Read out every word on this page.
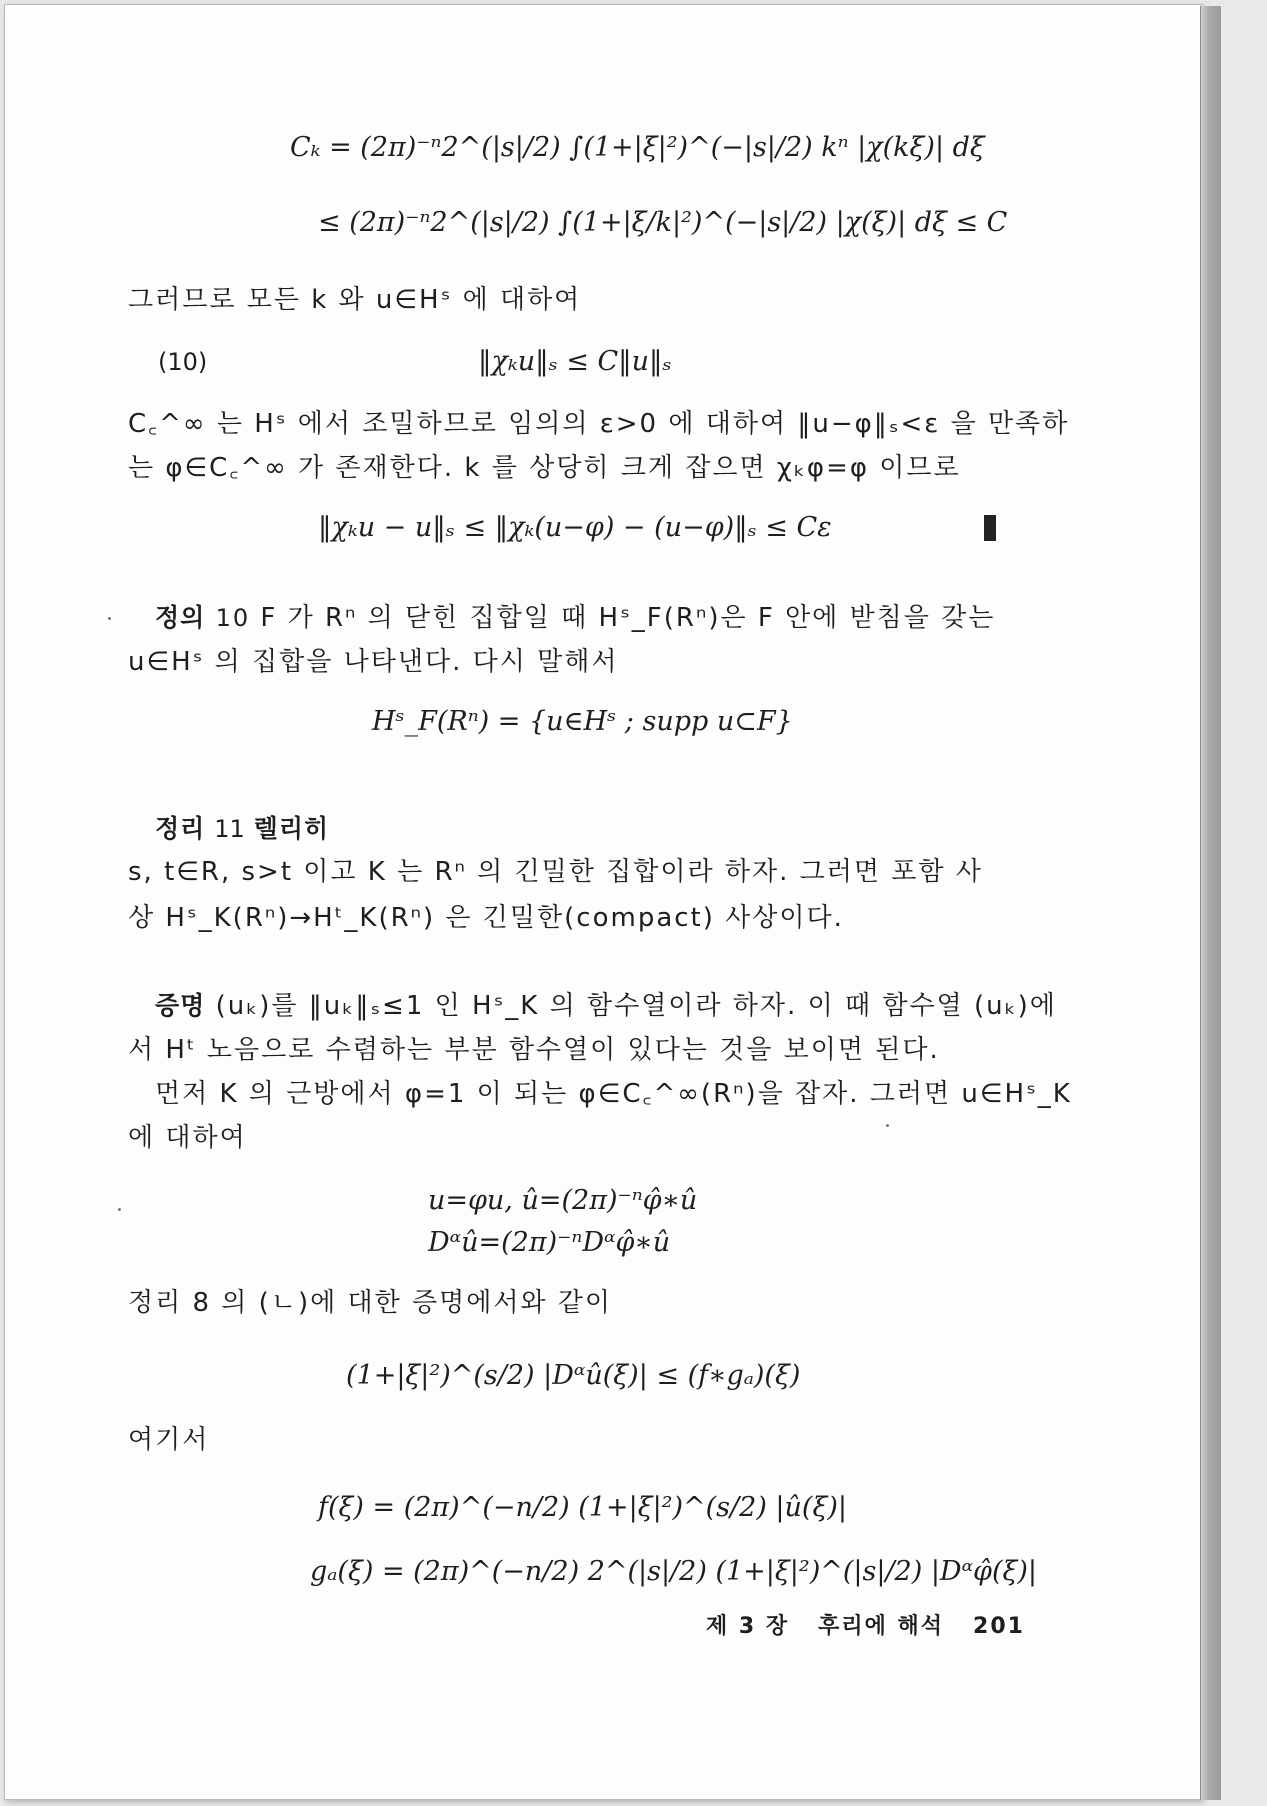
Cₖ = (2π)⁻ⁿ2^(|s|/2) ∫(1+|ξ|²)^(−|s|/2) kⁿ |χ(kξ)| dξ
≤ (2π)⁻ⁿ2^(|s|/2) ∫(1+|ξ/k|²)^(−|s|/2) |χ(ξ)| dξ ≤ C
그러므로 모든 k 와 u∈Hˢ 에 대하여
(10)	‖χₖu‖ₛ ≤ C‖u‖ₛ
C꜀^∞ 는 Hˢ 에서 조밀하므로 임의의 ε>0 에 대하여 ‖u−φ‖ₛ<ε 을 만족하
는 φ∈C꜀^∞ 가 존재한다. k 를 상당히 크게 잡으면 χₖφ=φ 이므로
‖χₖu − u‖ₛ ≤ ‖χₖ(u−φ) − (u−φ)‖ₛ ≤ Cε
정의 10 F 가 Rⁿ 의 닫힌 집합일 때 Hˢ_F(Rⁿ)은 F 안에 받침을 갖는
u∈Hˢ 의 집합을 나타낸다. 다시 말해서
Hˢ_F(Rⁿ) = {u∈Hˢ ; supp u⊂F}
정리 11 렐리히
s, t∈R, s>t 이고 K 는 Rⁿ 의 긴밀한 집합이라 하자. 그러면 포함 사
상 Hˢ_K(Rⁿ)→Hᵗ_K(Rⁿ) 은 긴밀한(compact) 사상이다.
증명 (uₖ)를 ‖uₖ‖ₛ≤1 인 Hˢ_K 의 함수열이라 하자. 이 때 함수열 (uₖ)에
서 Hᵗ 노음으로 수렴하는 부분 함수열이 있다는 것을 보이면 된다.
먼저 K 의 근방에서 φ=1 이 되는 φ∈C꜀^∞(Rⁿ)을 잡자. 그러면 u∈Hˢ_K
에 대하여
u=φu, û=(2π)⁻ⁿφ̂∗û
Dᵅû=(2π)⁻ⁿDᵅφ̂∗û
정리 8 의 (ㄴ)에 대한 증명에서와 같이
(1+|ξ|²)^(s/2) |Dᵅû(ξ)| ≤ (f∗gₐ)(ξ)
여기서
f(ξ) = (2π)^(−n/2) (1+|ξ|²)^(s/2) |û(ξ)|
gₐ(ξ) = (2π)^(−n/2) 2^(|s|/2) (1+|ξ|²)^(|s|/2) |Dᵅφ̂(ξ)|
제 3 장 후리에 해석 201
